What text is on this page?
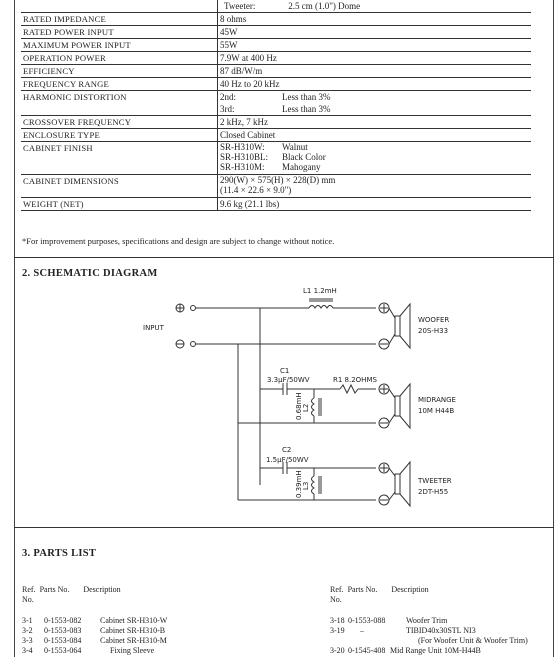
	Tweeter: 2.5 cm (1.0") Dome
RATED IMPEDANCE	8 ohms
RATED POWER INPUT	45W
MAXIMUM POWER INPUT	55W
OPERATION POWER	7.9W at 400 Hz
EFFICIENCY	87 dB/W/m
FREQUENCY RANGE	40 Hz to 20 kHz
HARMONIC DISTORTION	2nd: Less than 3%
3rd: Less than 3%

CROSSOVER FREQUENCY	2 kHz, 7 kHz
ENCLOSURE TYPE	Closed Cabinet
CABINET FINISH	SR-H310W: Walnut
SR-H310BL: Black Color
SR-H310M: Mahogany

CABINET DIMENSIONS	290(W) × 575(H) × 228(D) mm
(11.4 × 22.6 × 9.0")

WEIGHT (NET)	9.6 kg (21.1 lbs)
*For improvement purposes, specifications and design are subject to change without notice.
2. SCHEMATIC DIAGRAM
INPUT
L1 1.2mH
C1
3.3μF/50WV	R1 8.2OHMS
L2
0.68mH
C2
1.5μF/50WV
L3
0.39mH
WOOFER
20S-H33
MIDRANGE
10M H44B
TWEETER
2DT-H55
3. PARTS LIST
Ref. Parts No. Description
No.
3-1 0-1553-082 Cabinet SR-H310-W
3-2 0-1553-083 Cabinet SR-H310-B
3-3 0-1553-084 Cabinet SR-H310-M
3-4 0-1553-064	Fixing Sleeve
Ref. Parts No. Description
No.
3-18 0-1553-088	Woofer Trim
3-19 –	TIBID40x30STL NI3
(For Woofer Unit & Woofer Trim)
3-20 0-1545-408 Mid Range Unit 10M-H44B
